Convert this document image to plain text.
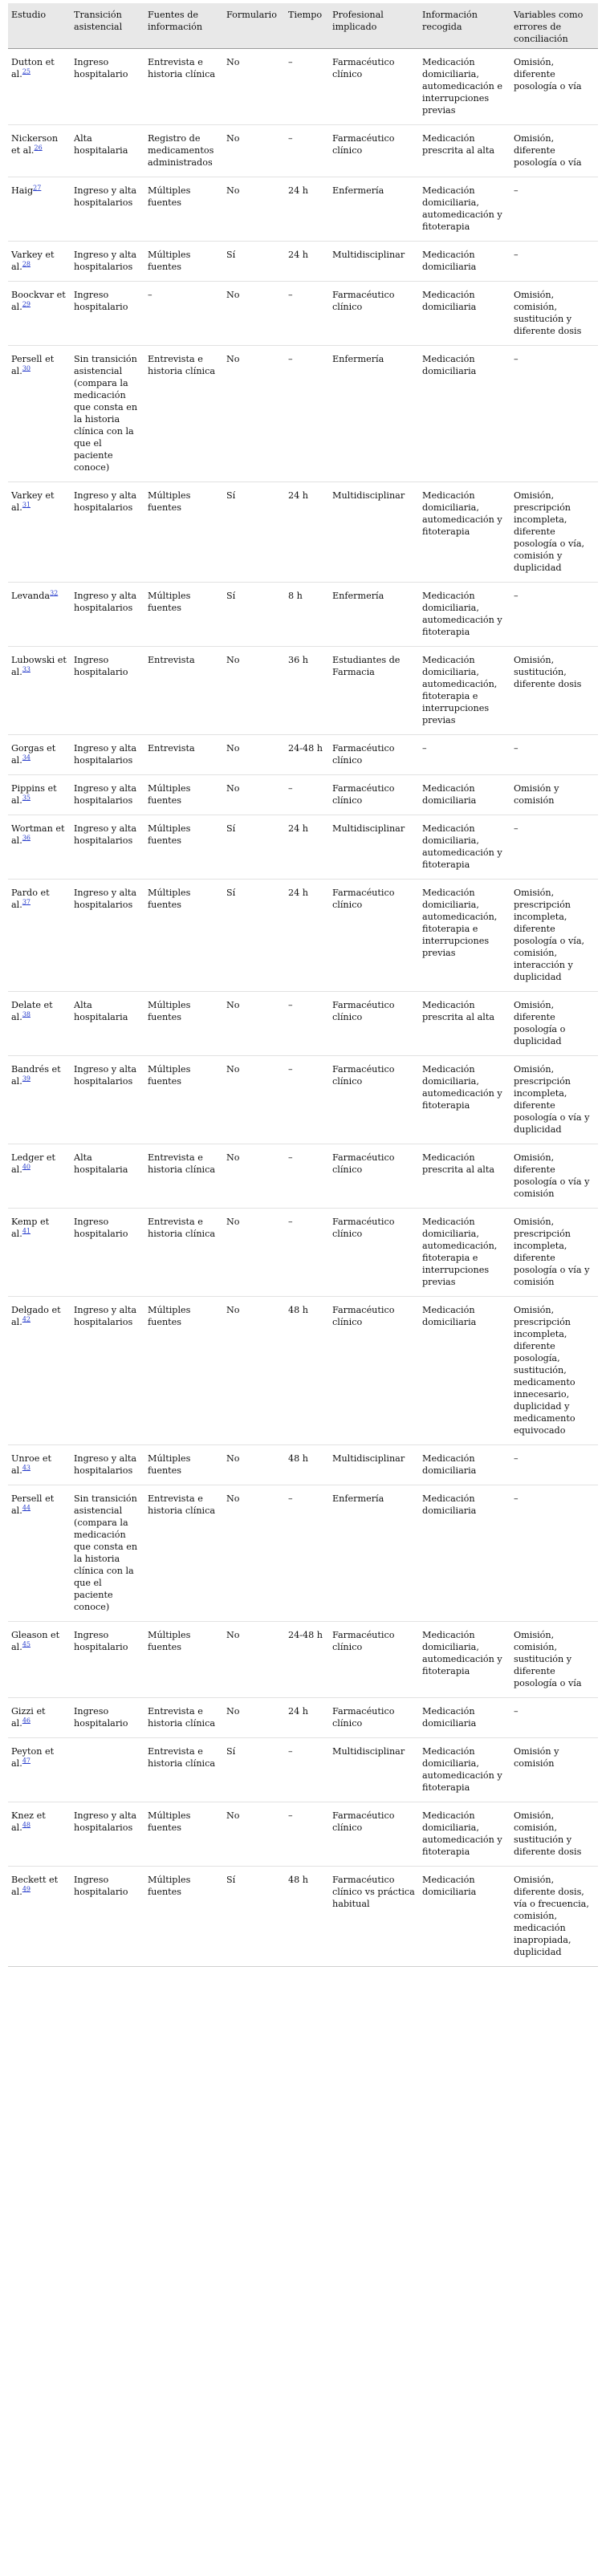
Estudio	Transición asistencial	Fuentes de información	Formulario	Tiempo	Profesional implicado	Información recogida	Variables como errores de conciliación
Dutton et al.$^{25}$	Ingreso hospitalario	Entrevista e historia clínica	No	–	Farmacéutico clínico	Medicación domiciliaria, automedicación e interrupciones previas	Omisión, diferente posología o vía
Nickerson et al.$^{26}$	Alta hospitalaria	Registro de medicamentos administrados	No	–	Farmacéutico clínico	Medicación prescrita al alta	Omisión, diferente posología o vía
Haig$^{27}$	Ingreso y alta hospitalarios	Múltiples fuentes	No	24 h	Enfermería	Medicación domiciliaria, automedicación y fitoterapia	–
Varkey et al.$^{28}$	Ingreso y alta hospitalarios	Múltiples fuentes	Sí	24 h	Multidisciplinar	Medicación domiciliaria	–
Boockvar et al.$^{29}$	Ingreso hospitalario	–	No	–	Farmacéutico clínico	Medicación domiciliaria	Omisión, comisión, sustitución y diferente dosis
Persell et al.$^{30}$	Sin transición asistencial (compara la medicación que consta en la historia clínica con la que el paciente conoce)	Entrevista e historia clínica	No	–	Enfermería	Medicación domiciliaria	–
Varkey et al.$^{31}$	Ingreso y alta hospitalarios	Múltiples fuentes	Sí	24 h	Multidisciplinar	Medicación domiciliaria, automedicación y fitoterapia	Omisión, prescripción incompleta, diferente posología o vía, comisión y duplicidad
Levanda$^{32}$	Ingreso y alta hospitalarios	Múltiples fuentes	Sí	8 h	Enfermería	Medicación domiciliaria, automedicación y fitoterapia	–
Lubowski et al.$^{33}$	Ingreso hospitalario	Entrevista	No	36 h	Estudiantes de Farmacia	Medicación domiciliaria, automedicación, fitoterapia e interrupciones previas	Omisión, sustitución, diferente dosis
Gorgas et al.$^{34}$	Ingreso y alta hospitalarios	Entrevista	No	24-48 h	Farmacéutico clínico	–	–
Pippins et al.$^{35}$	Ingreso y alta hospitalarios	Múltiples fuentes	No	–	Farmacéutico clínico	Medicación domiciliaria	Omisión y comisión
Wortman et al.$^{36}$	Ingreso y alta hospitalarios	Múltiples fuentes	Sí	24 h	Multidisciplinar	Medicación domiciliaria, automedicación y fitoterapia	–
Pardo et al.$^{37}$	Ingreso y alta hospitalarios	Múltiples fuentes	Sí	24 h	Farmacéutico clínico	Medicación domiciliaria, automedicación, fitoterapia e interrupciones previas	Omisión, prescripción incompleta, diferente posología o vía, comisión, interacción y duplicidad
Delate et al.$^{38}$	Alta hospitalaria	Múltiples fuentes	No	–	Farmacéutico clínico	Medicación prescrita al alta	Omisión, diferente posología o duplicidad
Bandrés et al.$^{39}$	Ingreso y alta hospitalarios	Múltiples fuentes	No	–	Farmacéutico clínico	Medicación domiciliaria, automedicación y fitoterapia	Omisión, prescripción incompleta, diferente posología o vía y duplicidad
Ledger et al.$^{40}$	Alta hospitalaria	Entrevista e historia clínica	No	–	Farmacéutico clínico	Medicación prescrita al alta	Omisión, diferente posología o vía y comisión
Kemp et al.$^{41}$	Ingreso hospitalario	Entrevista e historia clínica	No	–	Farmacéutico clínico	Medicación domiciliaria, automedicación, fitoterapia e interrupciones previas	Omisión, prescripción incompleta, diferente posología o vía y comisión
Delgado et al.$^{42}$	Ingreso y alta hospitalarios	Múltiples fuentes	No	48 h	Farmacéutico clínico	Medicación domiciliaria	Omisión, prescripción incompleta, diferente posología, sustitución, medicamento innecesario, duplicidad y medicamento equivocado
Unroe et al.$^{43}$	Ingreso y alta hospitalarios	Múltiples fuentes	No	48 h	Multidisciplinar	Medicación domiciliaria	–
Persell et al.$^{44}$	Sin transición asistencial (compara la medicación que consta en la historia clínica con la que el paciente conoce)	Entrevista e historia clínica	No	–	Enfermería	Medicación domiciliaria	–
Gleason et al.$^{45}$	Ingreso hospitalario	Múltiples fuentes	No	24-48 h	Farmacéutico clínico	Medicación domiciliaria, automedicación y fitoterapia	Omisión, comisión, sustitución y diferente posología o vía
Gizzi et al.$^{46}$	Ingreso hospitalario	Entrevista e historia clínica	No	24 h	Farmacéutico clínico	Medicación domiciliaria	–
Peyton et al.$^{47}$		Entrevista e historia clínica	Sí	–	Multidisciplinar	Medicación domiciliaria, automedicación y fitoterapia	Omisión y comisión
Knez et al.$^{48}$	Ingreso y alta hospitalarios	Múltiples fuentes	No	–	Farmacéutico clínico	Medicación domiciliaria, automedicación y fitoterapia	Omisión, comisión, sustitución y diferente dosis
Beckett et al.$^{49}$	Ingreso hospitalario	Múltiples fuentes	Sí	48 h	Farmacéutico clínico vs práctica habitual	Medicación domiciliaria	Omisión, diferente dosis, vía o frecuencia, comisión, medicación inapropiada, duplicidad
